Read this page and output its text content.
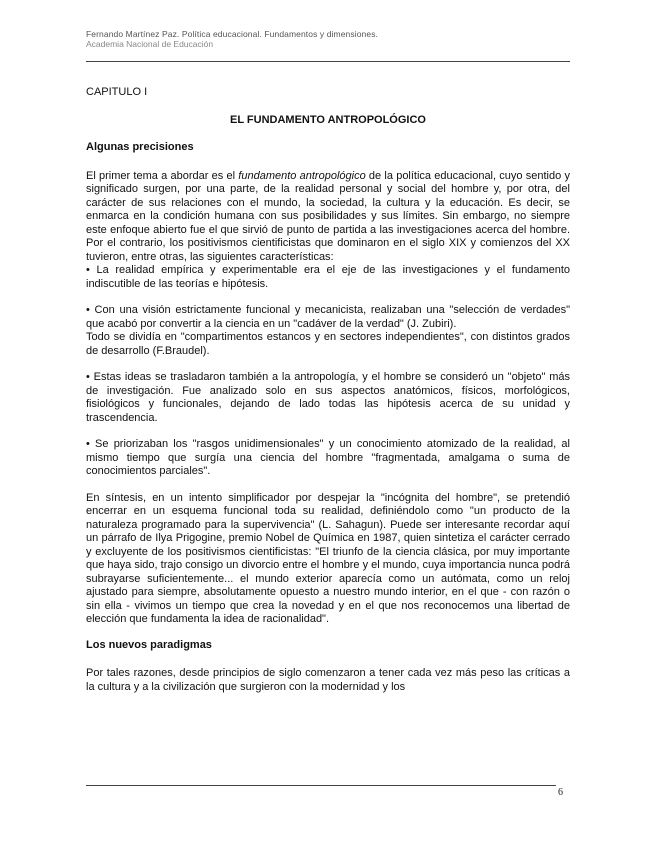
Fernando Martínez Paz. Política educacional. Fundamentos y dimensiones.
Academia Nacional de Educación
CAPITULO I
EL FUNDAMENTO ANTROPOLÓGICO
Algunas precisiones

El primer tema a abordar es el fundamento antropológico de la política educacional, cuyo sentido y significado surgen, por una parte, de la realidad personal y social del hombre y, por otra, del carácter de sus relaciones con el mundo, la sociedad, la cultura y la educación. Es decir, se enmarca en la condición humana con sus posibilidades y sus límites. Sin embargo, no siempre este enfoque abierto fue el que sirvió de punto de partida a las investigaciones acerca del hombre. Por el contrario, los positivismos cientificistas que dominaron en el siglo XIX y comienzos del XX tuvieron, entre otras, las siguientes características:

• La realidad empírica y experimentable era el eje de las investigaciones y el fundamento indiscutible de las teorías e hipótesis.

• Con una visión estrictamente funcional y mecanicista, realizaban una "selección de verdades" que acabó por convertir a la ciencia en un "cadáver de la verdad" (J. Zubiri).

Todo se dividía en "compartimentos estancos y en sectores independientes", con distintos grados de desarrollo (F.Braudel).

• Estas ideas se trasladaron también a la antropología, y el hombre se consideró un "objeto" más de investigación. Fue analizado solo en sus aspectos anatómicos, físicos, morfológicos, fisiológicos y funcionales, dejando de lado todas las hipótesis acerca de su unidad y trascendencia.

• Se priorizaban los "rasgos unidimensionales" y un conocimiento atomizado de la realidad, al mismo tiempo que surgía una ciencia del hombre "fragmentada, amalgama o suma de conocimientos parciales".

En síntesis, en un intento simplificador por despejar la "incógnita del hombre", se pretendió encerrar en un esquema funcional toda su realidad, definiéndolo como "un producto de la naturaleza programado para la supervivencia" (L. Sahagun). Puede ser interesante recordar aquí un párrafo de Ilya Prigogine, premio Nobel de Química en 1987, quien sintetiza el carácter cerrado y excluyente de los positivismos cientificistas: "El triunfo de la ciencia clásica, por muy importante que haya sido, trajo consigo un divorcio entre el hombre y el mundo, cuya importancia nunca podrá subrayarse suficientemente... el mundo exterior aparecía como un autómata, como un reloj ajustado para siempre, absolutamente opuesto a nuestro mundo interior, en el que - con razón o sin ella - vivimos un tiempo que crea la novedad y en el que nos reconocemos una libertad de elección que fundamenta la idea de racionalidad".

Los nuevos paradigmas

Por tales razones, desde principios de siglo comenzaron a tener cada vez más peso las críticas a la cultura y a la civilización que surgieron con la modernidad y los

6
